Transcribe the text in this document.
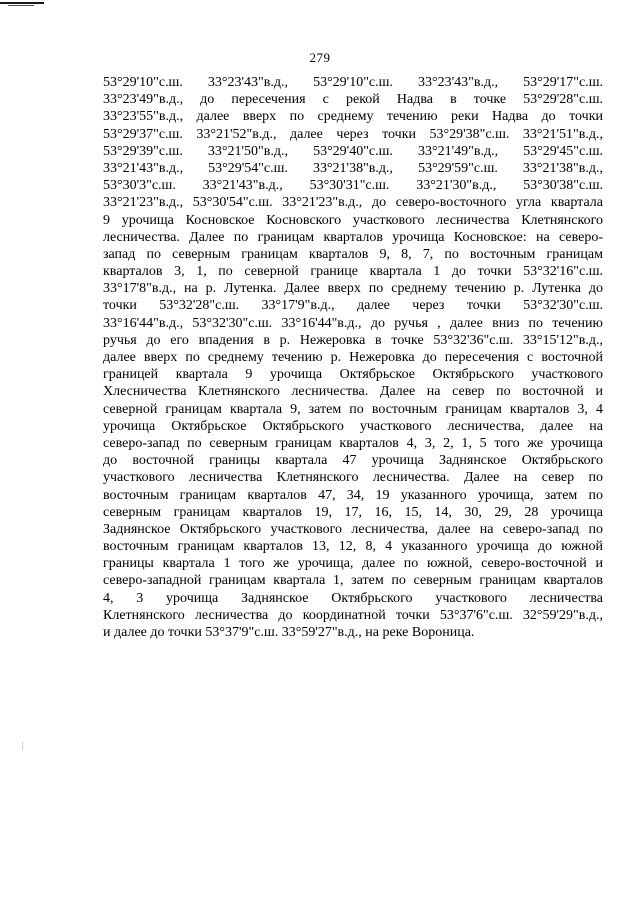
279
53°29'10"с.ш. 33°23'43"в.д., 53°29'10"с.ш. 33°23'43"в.д., 53°29'17"с.ш.
33°23'49"в.д., до пересечения с рекой Надва в точке 53°29'28"с.ш.
33°23'55"в.д., далее вверх по среднему течению реки Надва до точки
53°29'37"с.ш. 33°21'52"в.д., далее через точки 53°29'38"с.ш. 33°21'51"в.д.,
53°29'39"с.ш. 33°21'50"в.д., 53°29'40"с.ш. 33°21'49"в.д., 53°29'45"с.ш.
33°21'43"в.д., 53°29'54"с.ш. 33°21'38"в.д., 53°29'59"с.ш. 33°21'38"в.д.,
53°30'3"с.ш. 33°21'43"в.д., 53°30'31"с.ш. 33°21'30"в.д., 53°30'38"с.ш.
33°21'23"в.д., 53°30'54"с.ш. 33°21'23"в.д., до северо-восточного угла квартала
9 урочища Косновское Косновского участкового лесничества Клетнянского
лесничества. Далее по границам кварталов урочища Косновское: на северо-
запад по северным границам кварталов 9, 8, 7, по восточным границам
кварталов 3, 1, по северной границе квартала 1 до точки 53°32'16"с.ш.
33°17'8"в.д., на р. Лутенка. Далее вверх по среднему течению р. Лутенка до
точки 53°32'28"с.ш. 33°17'9"в.д., далее через точки 53°32'30"с.ш.
33°16'44"в.д., 53°32'30"с.ш. 33°16'44"в.д., до ручья , далее вниз по течению
ручья до его впадения в р. Нежеровка в точке 53°32'36"с.ш. 33°15'12"в.д.,
далее вверх по среднему течению р. Нежеровка до пересечения с восточной
границей квартала 9 урочища Октябрьское Октябрьского участкового
Хлесничества Клетнянского лесничества. Далее на север по восточной и
северной границам квартала 9, затем по восточным границам кварталов 3, 4
урочища Октябрьское Октябрьского участкового лесничества, далее на
северо-запад по северным границам кварталов 4, 3, 2, 1, 5 того же урочища
до восточной границы квартала 47 урочища Заднянское Октябрьского
участкового лесничества Клетнянского лесничества. Далее на север по
восточным границам кварталов 47, 34, 19 указанного урочища, затем по
северным границам кварталов 19, 17, 16, 15, 14, 30, 29, 28 урочища
Заднянское Октябрьского участкового лесничества, далее на северо-запад по
восточным границам кварталов 13, 12, 8, 4 указанного урочища до южной
границы квартала 1 того же урочища, далее по южной, северо-восточной и
северо-западной границам квартала 1, затем по северным границам кварталов
4, 3 урочища Заднянское Октябрьского участкового лесничества
Клетнянского лесничества до координатной точки 53°37'6"с.ш. 32°59'29"в.д.,
и далее до точки 53°37'9"с.ш. 33°59'27"в.д., на реке Вороница.
